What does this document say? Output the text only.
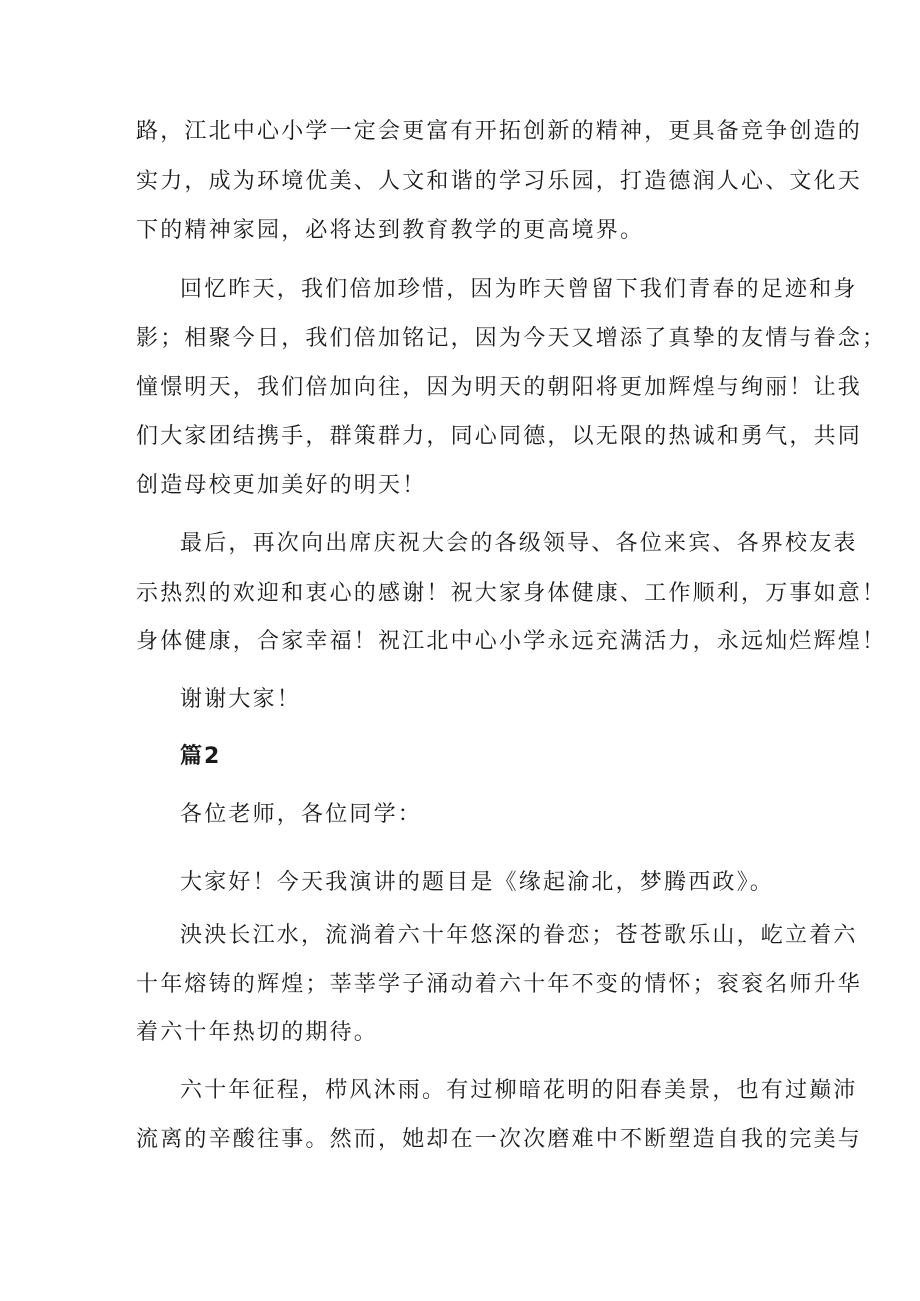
路，江北中心小学一定会更富有开拓创新的精神，更具备竞争创造的
实力，成为环境优美、人文和谐的学习乐园，打造德润人心、文化天
下的精神家园，必将达到教育教学的更高境界。
回忆昨天，我们倍加珍惜，因为昨天曾留下我们青春的足迹和身
影；相聚今日，我们倍加铭记，因为今天又增添了真挚的友情与眷念；
憧憬明天，我们倍加向往，因为明天的朝阳将更加辉煌与绚丽！让我
们大家团结携手，群策群力，同心同德，以无限的热诚和勇气，共同
创造母校更加美好的明天！
最后，再次向出席庆祝大会的各级领导、各位来宾、各界校友表
示热烈的欢迎和衷心的感谢！祝大家身体健康、工作顺利，万事如意！
身体健康，合家幸福！祝江北中心小学永远充满活力，永远灿烂辉煌！
谢谢大家！
篇2
各位老师，各位同学：
大家好！今天我演讲的题目是《缘起渝北，梦腾西政》。
泱泱长江水，流淌着六十年悠深的眷恋；苍苍歌乐山，屹立着六
十年熔铸的辉煌；莘莘学子涌动着六十年不变的情怀；衮衮名师升华
着六十年热切的期待。
六十年征程，栉风沐雨。有过柳暗花明的阳春美景，也有过巅沛
流离的辛酸往事。然而，她却在一次次磨难中不断塑造自我的完美与
